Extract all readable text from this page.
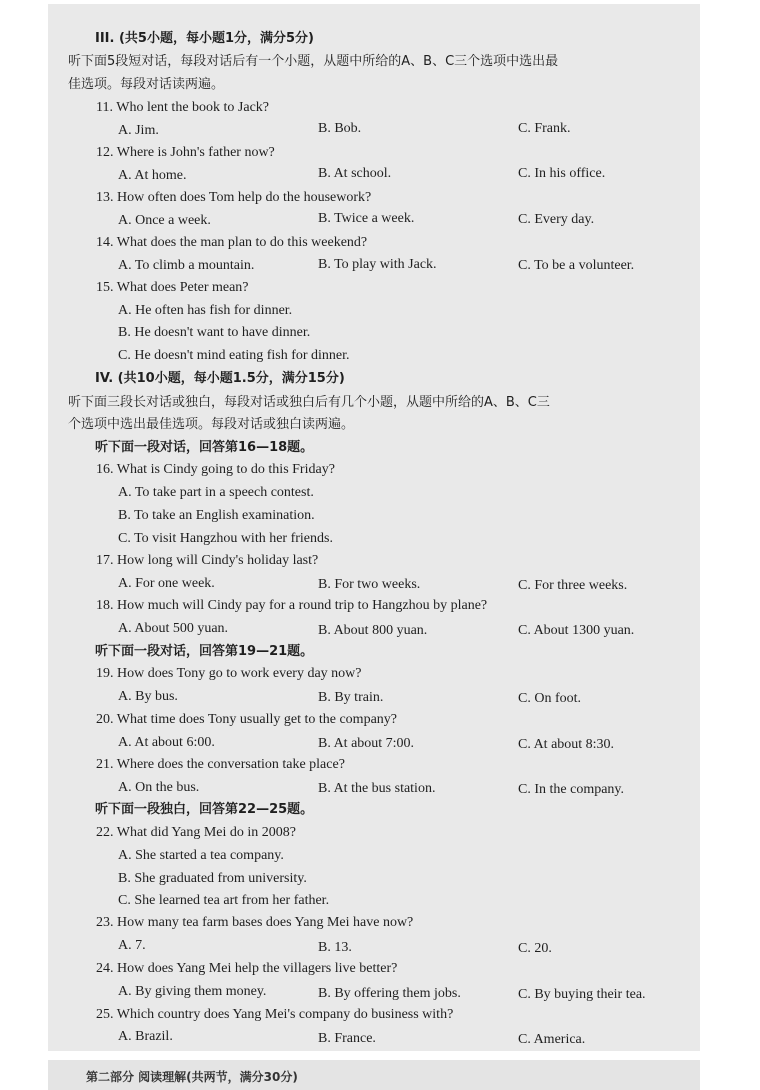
III. (共5小题，每小题1分，满分5分)
听下面5段短对话，每段对话后有一个小题，从题中所给的A、B、C三个选项中选出最
佳选项。每段对话读两遍。
11. Who lent the book to Jack?
A. Jim.	B. Bob.	C. Frank.
12. Where is John's father now?
A. At home.	B. At school.	C. In his office.
13. How often does Tom help do the housework?
A. Once a week.	B. Twice a week.	C. Every day.
14. What does the man plan to do this weekend?
A. To climb a mountain.	B. To play with Jack.	C. To be a volunteer.
15. What does Peter mean?
A. He often has fish for dinner.
B. He doesn't want to have dinner.
C. He doesn't mind eating fish for dinner.
IV. (共10小题，每小题1.5分，满分15分)
听下面三段长对话或独白，每段对话或独白后有几个小题，从题中所给的A、B、C三
个选项中选出最佳选项。每段对话或独白读两遍。
听下面一段对话，回答第16—18题。
16. What is Cindy going to do this Friday?
A. To take part in a speech contest.
B. To take an English examination.
C. To visit Hangzhou with her friends.
17. How long will Cindy's holiday last?
A. For one week.	B. For two weeks.	C. For three weeks.
18. How much will Cindy pay for a round trip to Hangzhou by plane?
A. About 500 yuan.	B. About 800 yuan.	C. About 1300 yuan.
听下面一段对话，回答第19—21题。
19. How does Tony go to work every day now?
A. By bus.	B. By train.	C. On foot.
20. What time does Tony usually get to the company?
A. At about 6:00.	B. At about 7:00.	C. At about 8:30.
21. Where does the conversation take place?
A. On the bus.	B. At the bus station.	C. In the company.
听下面一段独白，回答第22—25题。
22. What did Yang Mei do in 2008?
A. She started a tea company.
B. She graduated from university.
C. She learned tea art from her father.
23. How many tea farm bases does Yang Mei have now?
A. 7.	B. 13.	C. 20.
24. How does Yang Mei help the villagers live better?
A. By giving them money.	B. By offering them jobs.	C. By buying their tea.
25. Which country does Yang Mei's company do business with?
A. Brazil.	B. France.	C. America.
第二部分 阅读理解(共两节，满分30分)
